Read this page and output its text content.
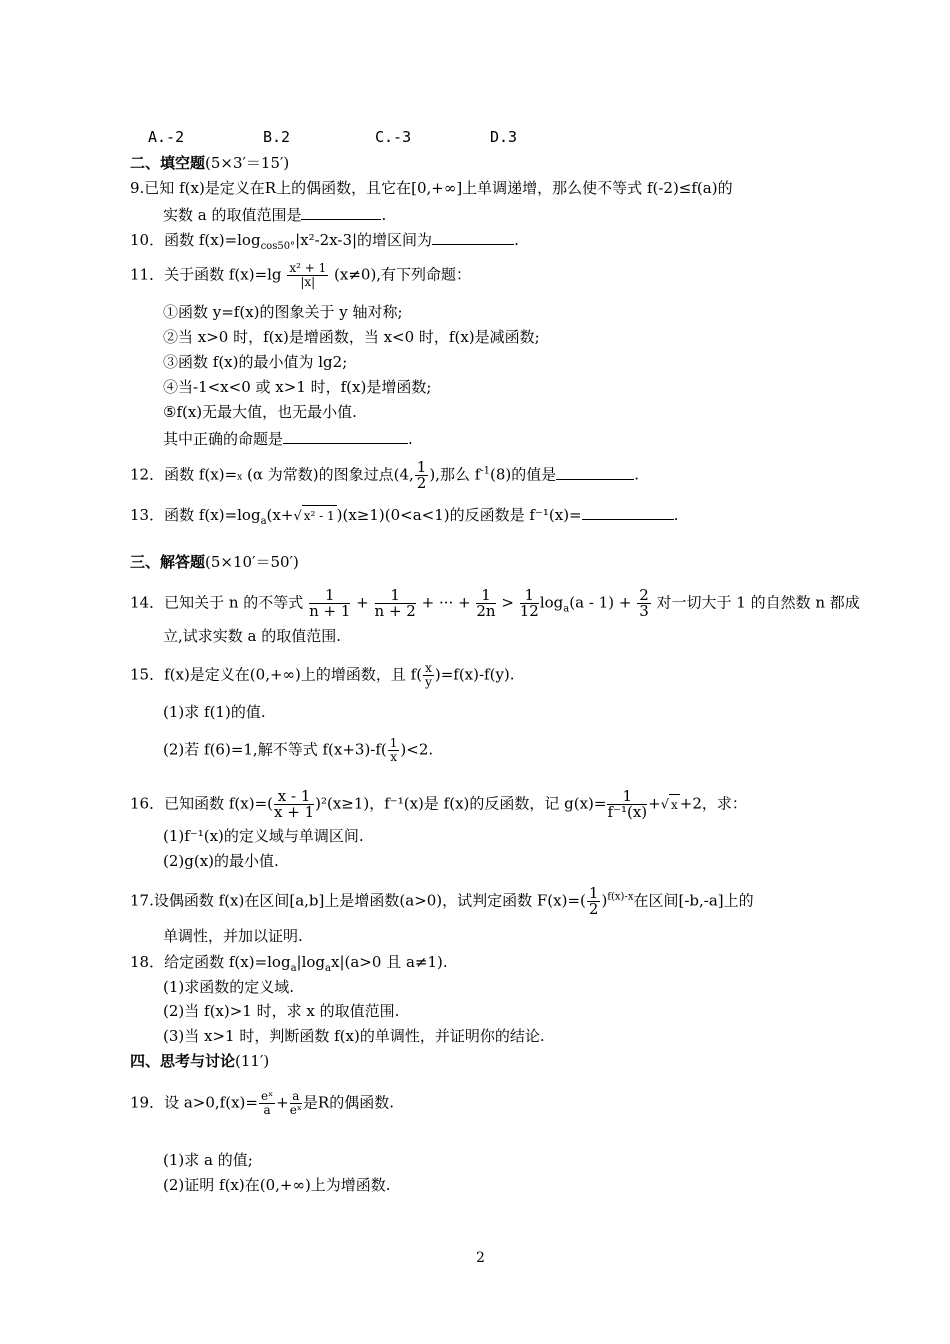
A.-2	B.2	C.-3	D.3
二、填空题(5×3′＝15′)
9.已知 f(x)是定义在R上的偶函数，且它在[0,+∞]上单调递增，那么使不等式 f(-2)≤f(a)的
实数 a 的取值范围是	.
10．函数 $f(x)=\log_{cos50^\circ}|x^2-2x-3|$的增区间为	.
11．关于函数 $f(x)=\lg \frac{\text{x² + 1}}{|x|} (x\ne 0)$,有下列命题：
①函数 y=f(x)的图象关于 y 轴对称;
②当 x>0 时，f(x)是增函数，当 x<0 时，f(x)是减函数;
③函数 f(x)的最小值为 lg2;
④当-1<x<0 或 x>1 时，f(x)是增函数;
⑤f(x)无最大值，也无最小值.
其中正确的命题是	.
12．函数 f(x)=x (α 为常数)的图象过点(4, $\frac{1}{2}$ ),那么 $f^{-1}(8)$的值是	.
13．函数 $f(x)=\log_a(x+√$ x² - 1 )(x≥1)(0<a<1)的反函数是 f⁻¹(x)=	.
三、解答题(5×10′＝50′)
14．已知关于 n 的不等式 $\frac{1}{n + 1} + \frac{1}{n + 2}$ + ··· + $\frac{1}{2n} > \frac{1}{12} \log_a(a - 1) + \frac{2}{3}$ 对一切大于 1 的自然数 n 都成
立,试求实数 a 的取值范围.
15．f(x)是定义在(0,+∞)上的增函数，且 $f( \frac{x}{y} )=f(x)-f(y)$.
(1)求 f(1)的值.
(2)若 f(6)=1,解不等式 $f(x+3)-f( \frac{1}{x} )<2$.
16．已知函数 $f(x)=( \frac{x - 1}{x + 1} )^2(x\ge 1)$，f⁻¹(x)是 f(x)的反函数，记 $g(x)= \frac{1}{\text{f⁻¹(x)}}$ +√ x +2，求：
(1)f⁻¹(x)的定义域与单调区间.
(2)g(x)的最小值.
17.设偶函数 f(x)在区间[a,b]上是增函数(a>0)，试判定函数 $F(x)=( \frac{1}{2} )^{f(x)-x}$在区间[-b,-a]上的
单调性，并加以证明.
18．给定函数 $f(x)=\log_a|\log_ax|(a>0$ 且 a≠1).
(1)求函数的定义域.
(2)当 f(x)>1 时，求 x 的取值范围.
(3)当 x>1 时，判断函数 f(x)的单调性，并证明你的结论.
四、思考与讨论(11′)
19．设 $a>0,f(x)= \frac{\text{eˣ}}{a} + \frac{a}{\text{eˣ}}$ 是R的偶函数.
(1)求 a 的值;
(2)证明 f(x)在(0,+∞)上为增函数.
2
